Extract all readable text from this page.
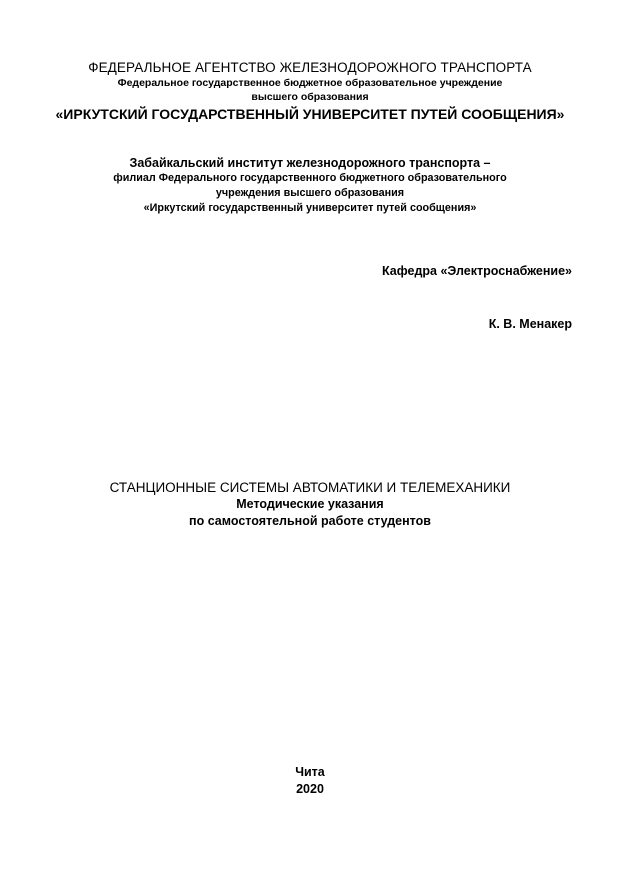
ФЕДЕРАЛЬНОЕ АГЕНТСТВО ЖЕЛЕЗНОДОРОЖНОГО ТРАНСПОРТА

Федеральное государственное бюджетное образовательное учреждение

высшего образования

«ИРКУТСКИЙ ГОСУДАРСТВЕННЫЙ УНИВЕРСИТЕТ ПУТЕЙ СООБЩЕНИЯ»

Забайкальский институт железнодорожного транспорта –

филиал Федерального государственного бюджетного образовательного

учреждения высшего образования

«Иркутский государственный университет путей сообщения»

Кафедра «Электроснабжение»

К. В. Менакер

СТАНЦИОННЫЕ СИСТЕМЫ АВТОМАТИКИ И ТЕЛЕМЕХАНИКИ

Методические указания

по самостоятельной работе студентов

Чита

2020
